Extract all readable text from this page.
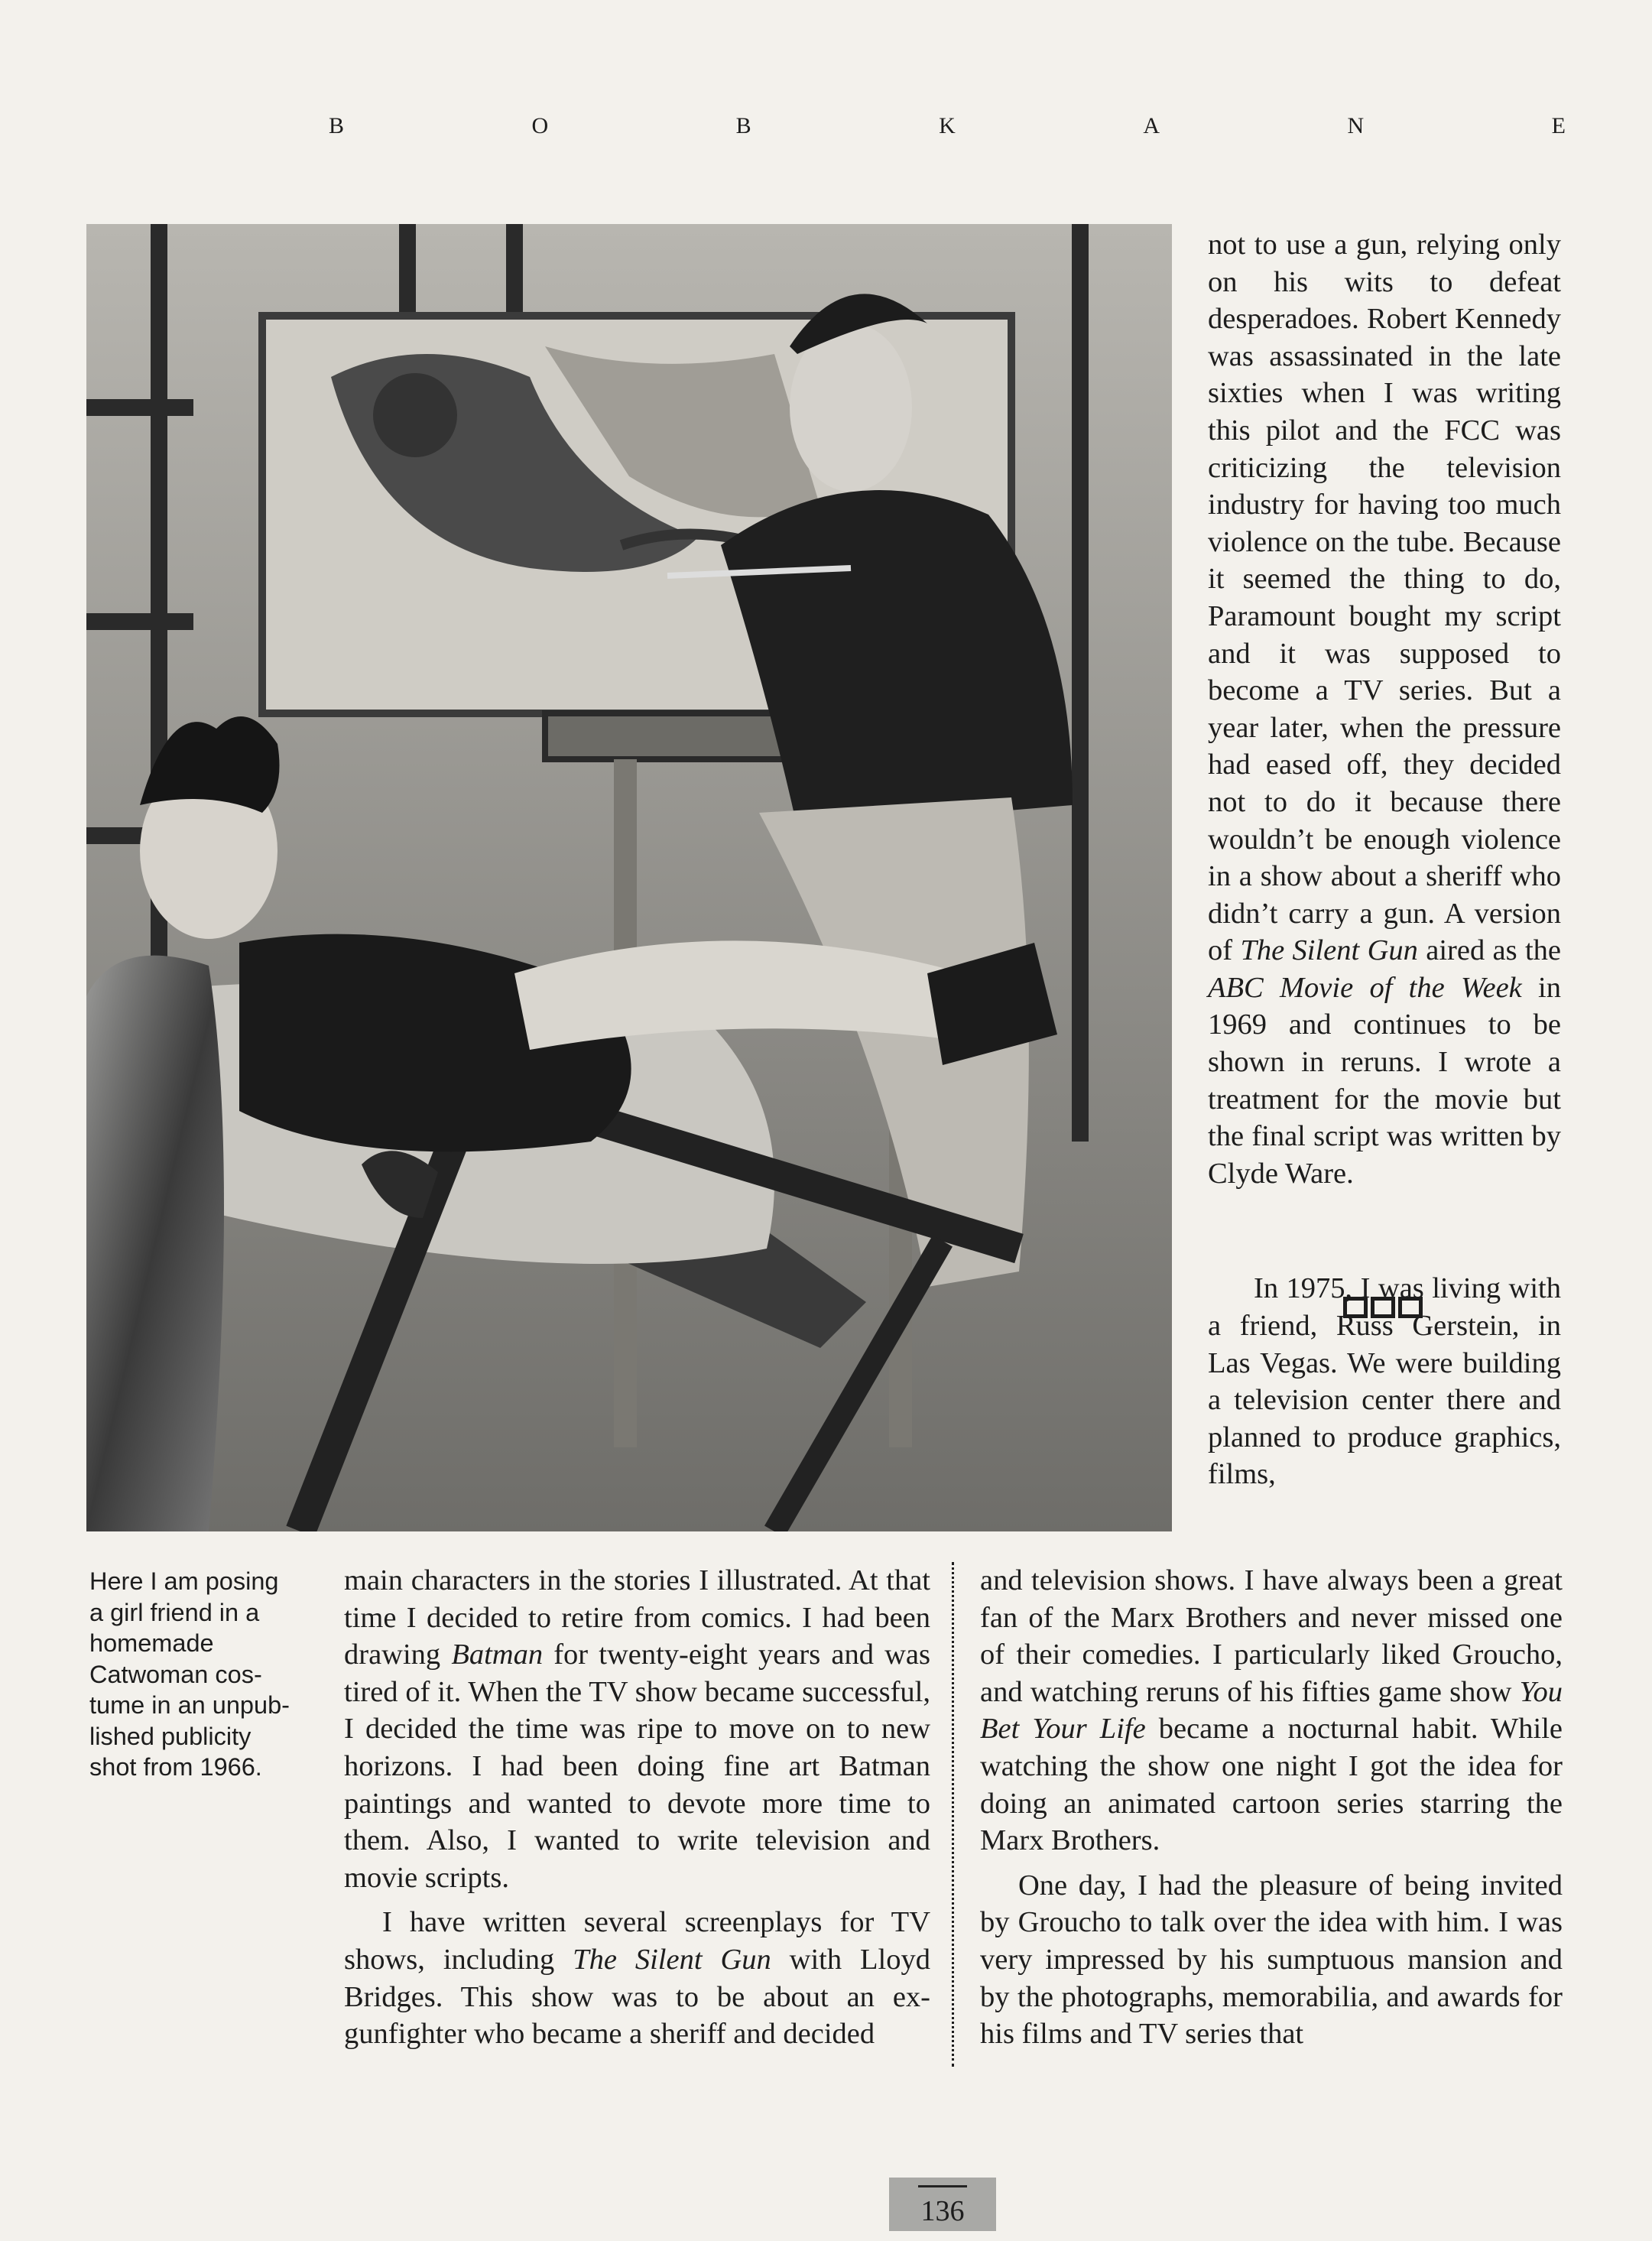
B	O	B	K	A	N	E

not to use a gun, relying only on his wits to defeat desperadoes. Robert Kennedy was assassinated in the late sixties when I was writing this pilot and the FCC was criticizing the television industry for having too much violence on the tube. Because it seemed the thing to do, Paramount bought my script and it was supposed to become a TV series. But a year later, when the pressure had eased off, they decided not to do it because there wouldn’t be enough violence in a show about a sheriff who didn’t carry a gun. A version of The Silent Gun aired as the ABC Movie of the Week in 1969 and continues to be shown in reruns. I wrote a treatment for the movie but the final script was written by Clyde Ware.

In 1975, I was living with a friend, Russ Gerstein, in Las Vegas. We were building a television center there and planned to produce graphics, films,

Here I am posing
a girl friend in a
homemade
Catwoman cos-
tume in an unpub-
lished publicity
shot from 1966.

main characters in the stories I illustrated. At that time I decided to retire from comics. I had been drawing Batman for twenty-eight years and was tired of it. When the TV show became successful, I decided the time was ripe to move on to new horizons. I had been doing fine art Batman paintings and wanted to devote more time to them. Also, I wanted to write television and movie scripts.

I have written several screenplays for TV shows, including The Silent Gun with Lloyd Bridges. This show was to be about an ex-gunfighter who became a sheriff and decided

and television shows. I have always been a great fan of the Marx Brothers and never missed one of their comedies. I particularly liked Groucho, and watching reruns of his fifties game show You Bet Your Life became a nocturnal habit. While watching the show one night I got the idea for doing an animated cartoon series starring the Marx Brothers.

One day, I had the pleasure of being invited by Groucho to talk over the idea with him. I was very impressed by his sumptuous mansion and by the photographs, memorabilia, and awards for his films and TV series that

136
